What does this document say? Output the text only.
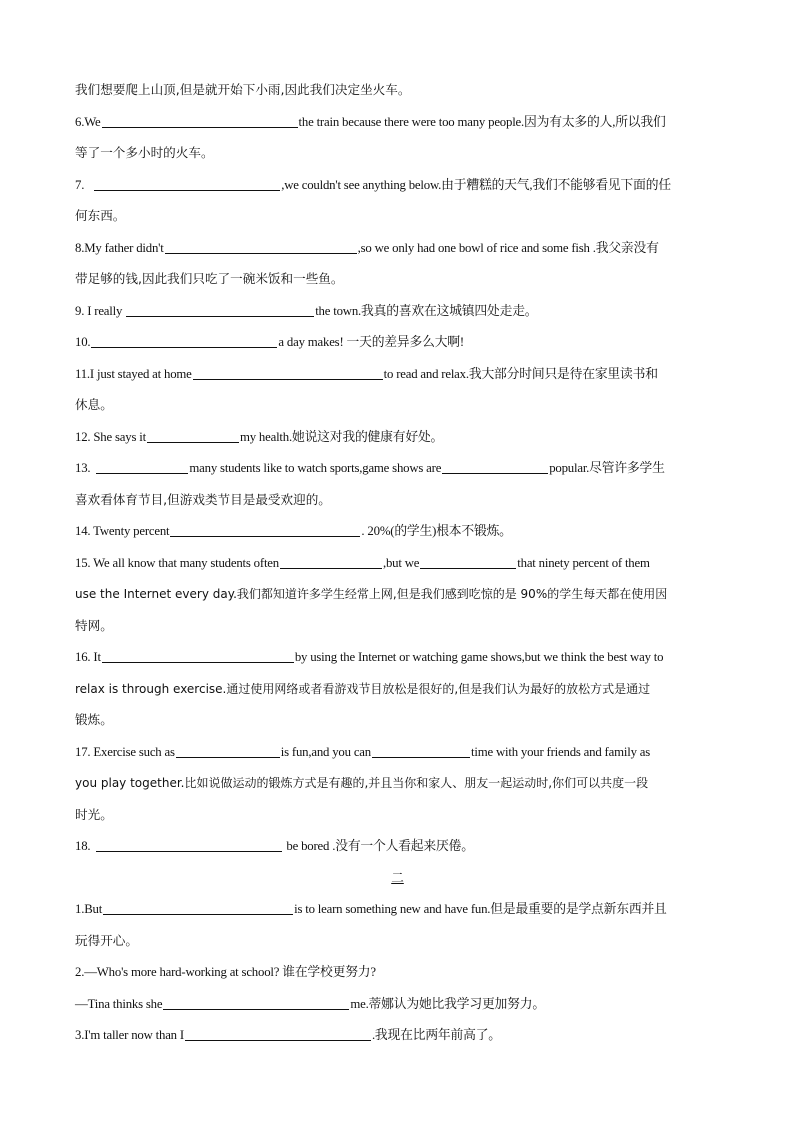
我们想要爬上山顶,但是就开始下小雨,因此我们决定坐火车。
6.We	the train because there were too many people.因为有太多的人,所以我们
等了一个多小时的火车。
7.	,we couldn't see anything below.由于糟糕的天气,我们不能够看见下面的任
何东西。
8.My father didn't	,so we only had one bowl of rice and some fish .我父亲没有
带足够的钱,因此我们只吃了一碗米饭和一些鱼。
9. I really	the town.我真的喜欢在这城镇四处走走。
10.	a day makes! 一天的差异多么大啊!
11.I just stayed at home	to read and relax.我大部分时间只是待在家里读书和
休息。
12. She says it	my health.她说这对我的健康有好处。
13.	many students like to watch sports,game shows are	popular.尽管许多学生
喜欢看体育节目,但游戏类节目是最受欢迎的。
14. Twenty percent	. 20%(的学生)根本不锻炼。
15. We all know that many students often	,but we	that ninety percent of them
use the Internet every day.我们都知道许多学生经常上网,但是我们感到吃惊的是 90%的学生每天都在使用因
特网。
16. It	by using the Internet or watching game shows,but we think the best way to
relax is through exercise.通过使用网络或者看游戏节目放松是很好的,但是我们认为最好的放松方式是通过
锻炼。
17. Exercise such as	is fun,and you can	time with your friends and family as
you play together.比如说做运动的锻炼方式是有趣的,并且当你和家人、朋友一起运动时,你们可以共度一段
时光。
18.	be bored .没有一个人看起来厌倦。
二
1.But	is to learn something new and have fun.但是最重要的是学点新东西并且
玩得开心。
2.—Who's more hard-working at school? 谁在学校更努力?
—Tina thinks she	me.蒂娜认为她比我学习更加努力。
3.I'm taller now than I	.我现在比两年前高了。
